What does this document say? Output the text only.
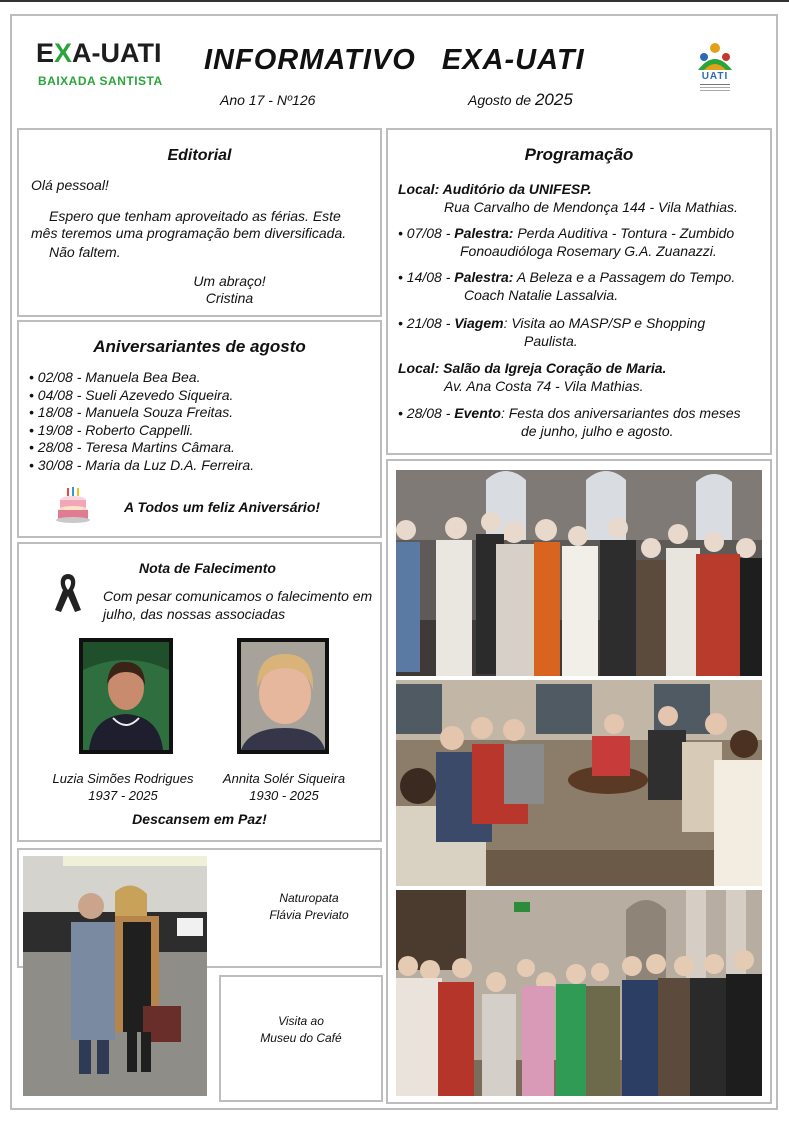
EXA-UATI
BAIXADA SANTISTA
INFORMATIVO EXA-UATI
Ano 17 - Nº126	Agosto de 2025
UATI
Editorial
Olá pessoal!
Espero que tenham aproveitado as férias. Este mês teremos uma programação bem diversificada.
Não faltem.
Um abraço!
Cristina
Aniversariantes de agosto
• 02/08 - Manuela Bea Bea.
• 04/08 - Sueli Azevedo Siqueira.
• 18/08 - Manuela Souza Freitas.
• 19/08 - Roberto Cappelli.
• 28/08 - Teresa Martins Câmara.
• 30/08 - Maria da Luz D.A. Ferreira.
A Todos um feliz Aniversário!
Nota de Falecimento
Com pesar comunicamos o falecimento em julho, das nossas associadas
Luzia Simões Rodrigues
1937 - 2025
Annita Solér Siqueira
1930 - 2025
Descansem em Paz!
Programação
Local: Auditório da UNIFESP.
Rua Carvalho de Mendonça 144 - Vila Mathias.
• 07/08 - Palestra: Perda Auditiva - Tontura - Zumbido
Fonoaudióloga Rosemary G.A. Zuanazzi.
• 14/08 - Palestra: A Beleza e a Passagem do Tempo.
Coach Natalie Lassalvia.
• 21/08 - Viagem: Visita ao MASP/SP e Shopping
Paulista.
Local: Salão da Igreja Coração de Maria.
Av. Ana Costa 74 - Vila Mathias.
• 28/08 - Evento: Festa dos aniversariantes dos meses
de junho, julho e agosto.
Naturopata
Flávia Previato
Visita ao
Museu do Café
